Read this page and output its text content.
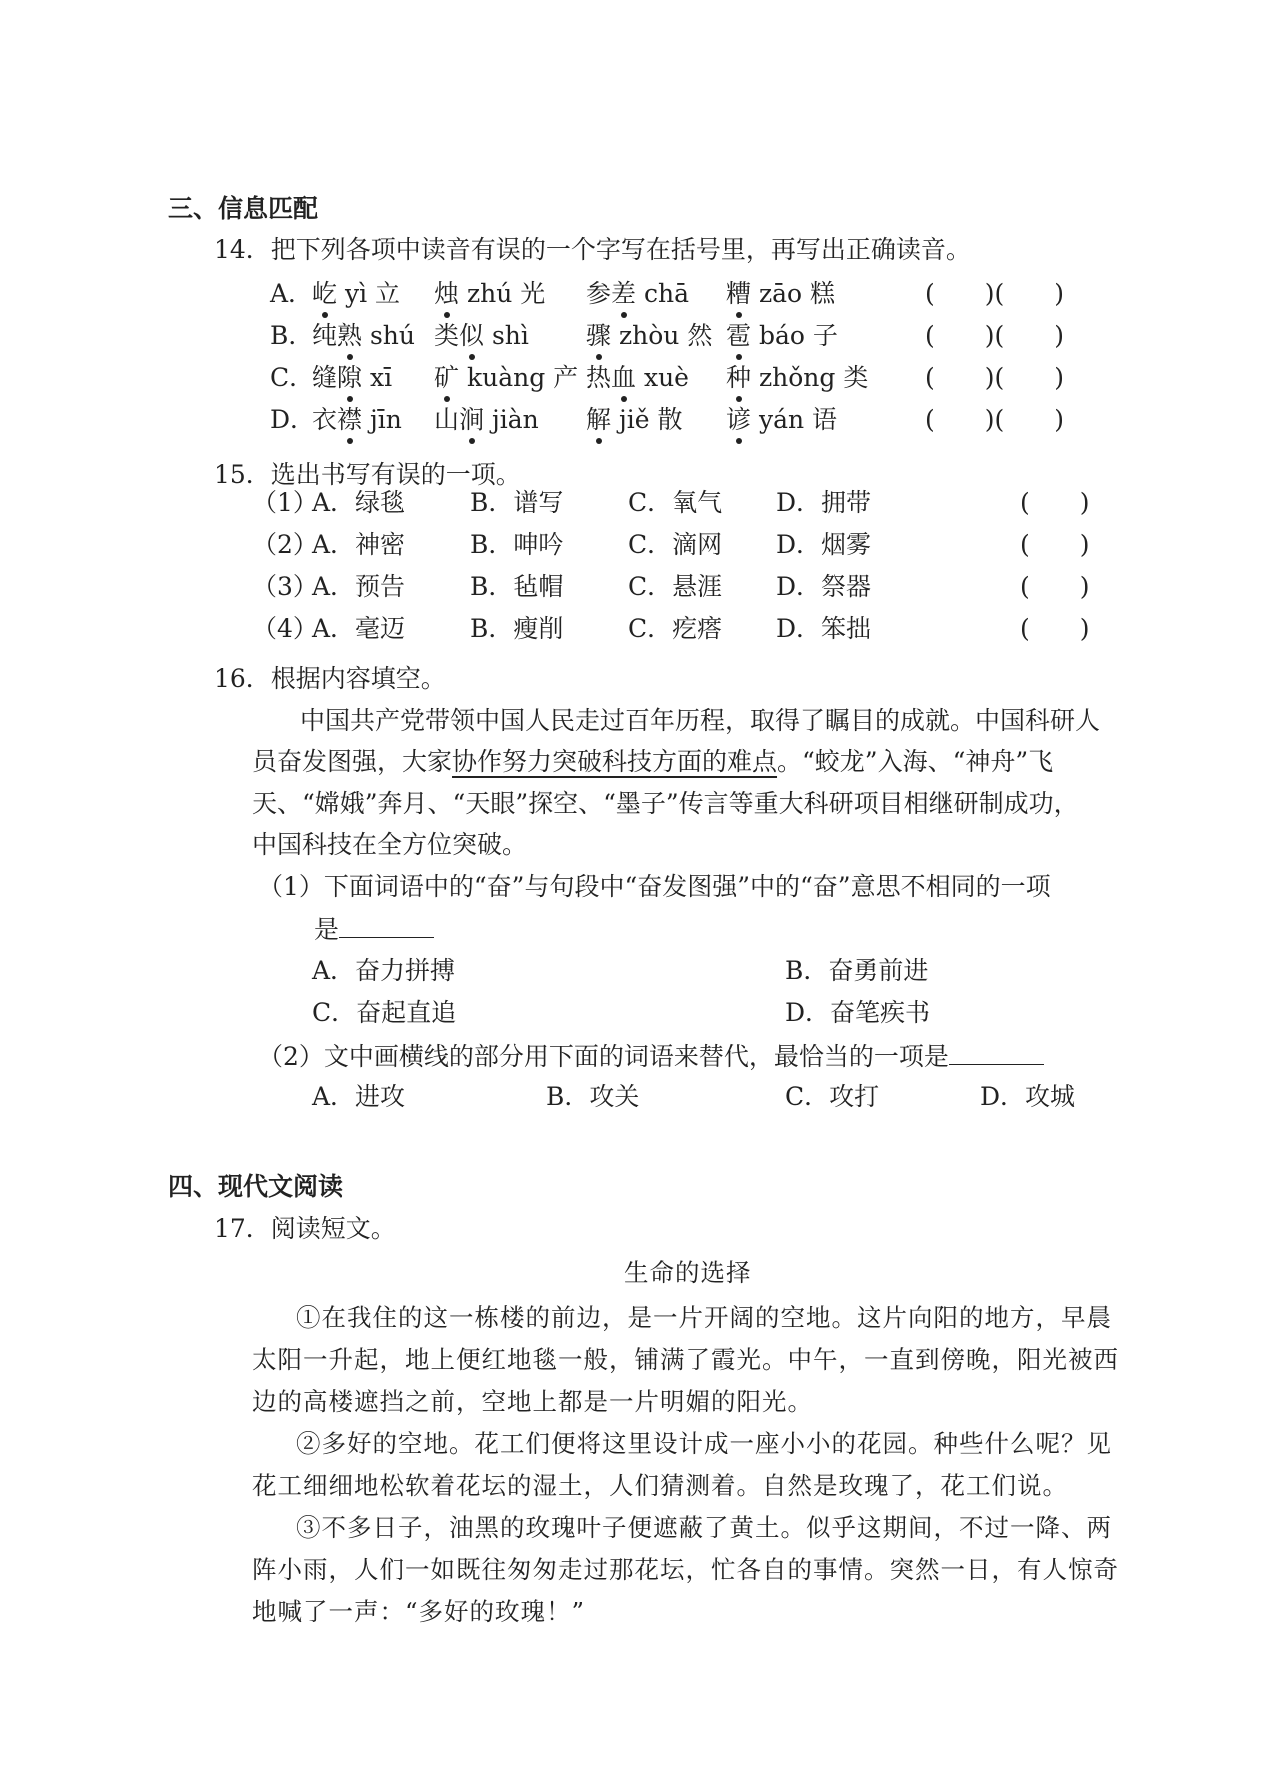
三、信息匹配
14．把下列各项中读音有误的一个字写在括号里，再写出正确读音。
A．
屹 yì 立 烛 zhú 光 参差 chā 糟 zāo 糕	(　　)(　　)
B．
纯熟 shú 类似 shì 骤 zhòu 然 雹 báo 子	(　　)(　　)
C．
缝隙 xī 矿 kuàng 产 热血 xuè 种 zhǒng 类 (　　)(　　)
D．
衣襟 jīn 山涧 jiàn 解 jiě 散 谚 yán 语	(　　)(　　)
15．选出书写有误的一项。
（1）
A．绿毯	B．谱写	C．氧气 D．拥带	(　　)
（2）
A．神密	B．呻吟	C．滴网 D．烟雾	(　　)
（3）
A．预告	B．毡帽	C．悬涯 D．祭器	(　　)
（4）
A．毫迈	B．瘦削	C．疙瘩 D．笨拙	(　　)
16．根据内容填空。
中国共产党带领中国人民走过百年历程，取得了瞩目的成就。中国科研人
员奋发图强，大家协作努力突破科技方面的难点。“蛟龙”入海、“神舟”飞
天、“嫦娥”奔月、“天眼”探空、“墨子”传言等重大科研项目相继研制成功，
中国科技在全方位突破。
（1）下面词语中的“奋”与句段中“奋发图强”中的“奋”意思不相同的一项
是
A．奋力拼搏	B．奋勇前进
C．奋起直追	D．奋笔疾书
（2）文中画横线的部分用下面的词语来替代，最恰当的一项是
A．进攻	B．攻关	C．攻打	D．攻城
四、现代文阅读
17．阅读短文。
生命的选择
①在我住的这一栋楼的前边，是一片开阔的空地。这片向阳的地方，早晨太阳一升起，地上便红地毯一般，铺满了霞光。中午，一直到傍晚，阳光被西边的高楼遮挡之前，空地上都是一片明媚的阳光。
②多好的空地。花工们便将这里设计成一座小小的花园。种些什么呢？见花工细细地松软着花坛的湿土，人们猜测着。自然是玫瑰了，花工们说。
③不多日子，油黑的玫瑰叶子便遮蔽了黄土。似乎这期间，不过一降、两阵小雨，人们一如既往匆匆走过那花坛，忙各自的事情。突然一日，有人惊奇地喊了一声：“多好的玫瑰！”
